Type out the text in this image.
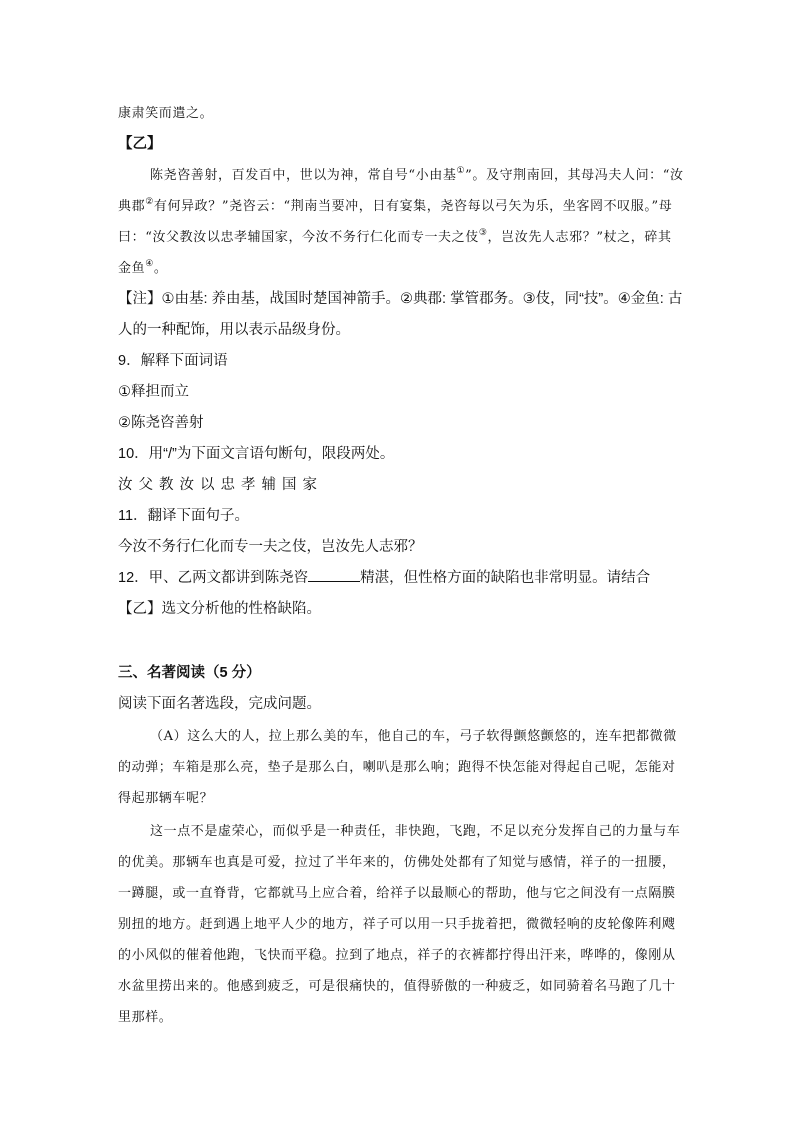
康肃笑而遣之。

【乙】

陈尧咨善射，百发百中，世以为神，常自号“小由基①”。及守荆南回，其母冯夫人问：“汝典郡②有何异政？”尧咨云：“荆南当要冲，日有宴集，尧咨每以弓矢为乐，坐客罔不叹服。”母曰：“汝父教汝以忠孝辅国家，今汝不务行仁化而专一夫之伎③，岂汝先人志邪？”杖之，碎其金鱼④。

【注】①由基: 养由基，战国时楚国神箭手。②典郡: 掌管郡务。③伎，同“技”。④金鱼: 古人的一种配饰，用以表示品级身份。

9．解释下面词语

①释担而立

②陈尧咨善射

10．用“/”为下面文言语句断句，限段两处。

汝父教汝以忠孝辅国家

11．翻译下面句子。

今汝不务行仁化而专一夫之伎，岂汝先人志邪？

12．甲、乙两文都讲到陈尧咨	精湛，但性格方面的缺陷也非常明显。请结合【乙】选文分析他的性格缺陷。

三、名著阅读（5 分）

阅读下面名著选段，完成问题。

（A）这么大的人，拉上那么美的车，他自己的车，弓子软得颤悠颤悠的，连车把都微微的动弹；车箱是那么亮，垫子是那么白，喇叭是那么响；跑得不快怎能对得起自己呢，怎能对得起那辆车呢？

这一点不是虚荣心，而似乎是一种责任，非快跑，飞跑，不足以充分发挥自己的力量与车的优美。那辆车也真是可爱，拉过了半年来的，仿佛处处都有了知觉与感情，祥子的一扭腰，一蹲腿，或一直脊背，它都就马上应合着，给祥子以最顺心的帮助，他与它之间没有一点隔膜别扭的地方。赶到遇上地平人少的地方，祥子可以用一只手拢着把，微微轻响的皮轮像阵利飕的小风似的催着他跑，飞快而平稳。拉到了地点，祥子的衣裤都拧得出汗来，哗哗的，像刚从水盆里捞出来的。他感到疲乏，可是很痛快的，值得骄傲的一种疲乏，如同骑着名马跑了几十里那样。
